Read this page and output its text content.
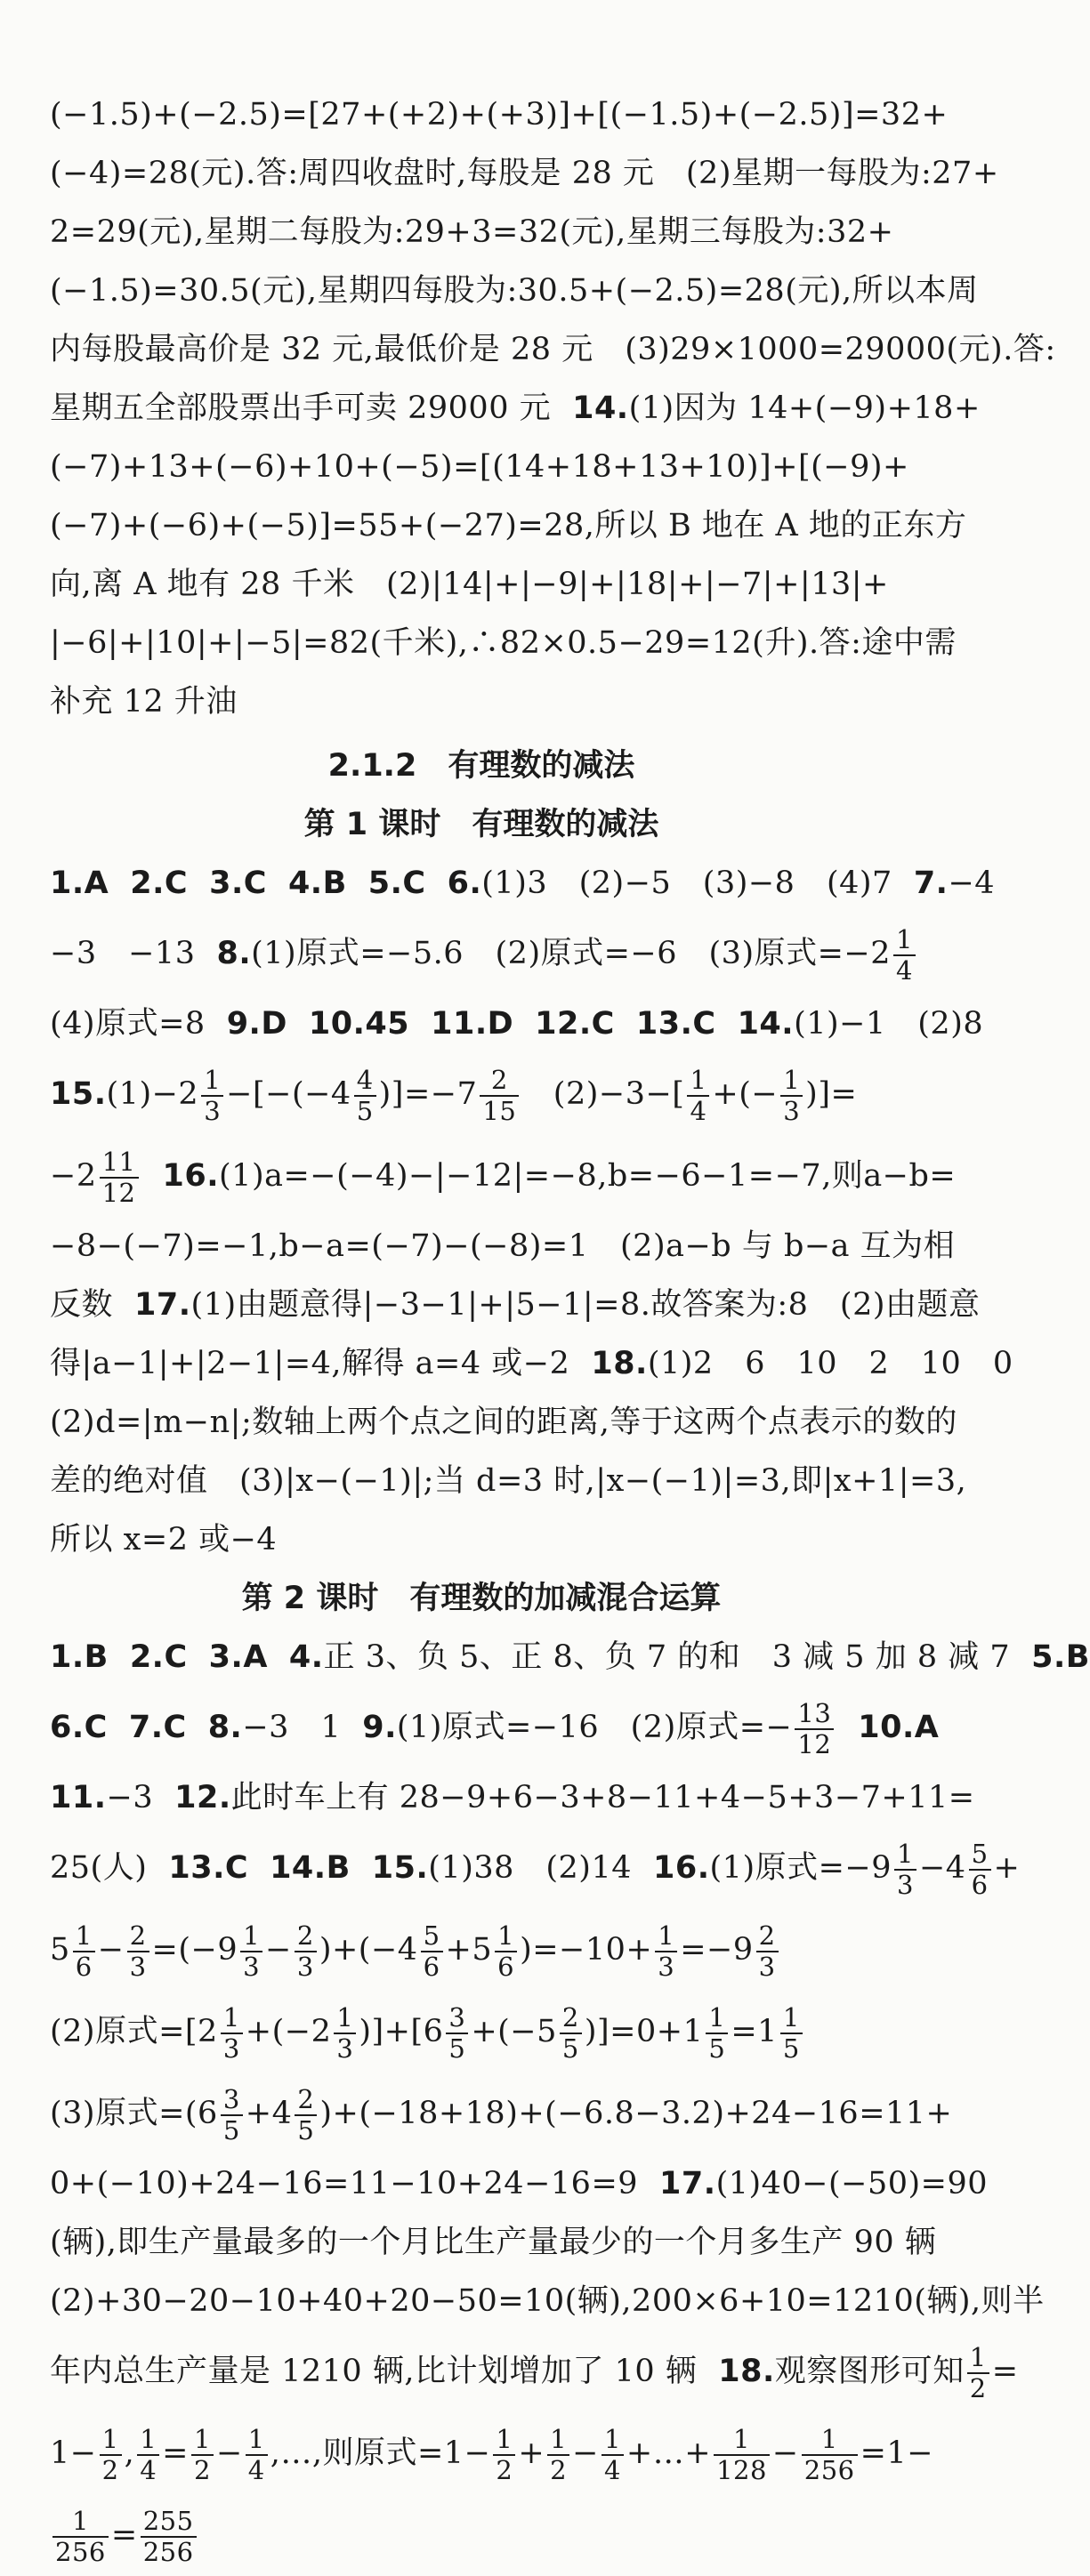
(−1.5)+(−2.5)=[27+(+2)+(+3)]+[(−1.5)+(−2.5)]=32+
(−4)=28(元).答:周四收盘时,每股是 28 元　(2)星期一每股为:27+
2=29(元),星期二每股为:29+3=32(元),星期三每股为:32+
(−1.5)=30.5(元),星期四每股为:30.5+(−2.5)=28(元),所以本周
内每股最高价是 32 元,最低价是 28 元　(3)29×1000=29000(元).答:
星期五全部股票出手可卖 29000 元 14.(1)因为 14+(−9)+18+
(−7)+13+(−6)+10+(−5)=[(14+18+13+10)]+[(−9)+
(−7)+(−6)+(−5)]=55+(−27)=28,所以 B 地在 A 地的正东方
向,离 A 地有 28 千米　(2)|14|+|−9|+|18|+|−7|+|13|+
|−6|+|10|+|−5|=82(千米),∴82×0.5−29=12(升).答:途中需
补充 12 升油
2.1.2　有理数的减法
第 1 课时　有理数的减法
1.A 2.C 3.C 4.B 5.C 6.(1)3　(2)−5　(3)−8　(4)7 7.−4
−3　−13 8.(1)原式=−5.6　(2)原式=−6　(3)原式$=-2 \frac{1}{4}$
(4)原式=8 9.D 10.45 11.D 12.C 13.C 14.(1)−1　(2)8
$15.(1)-2 \frac{1}{3} -[-(-4 \frac{4}{5} )]=-7 \frac{2}{15}$ 　$(2)-3-[ \frac{1}{4}$ +(− $\frac{1}{3}$ )]=
$-2 \frac{11}{12} 16.(1)a=-(-4)-|-12|=-8,b=-6-1=-7$,则a−b=
−8−(−7)=−1,b−a=(−7)−(−8)=1　(2)a−b 与 b−a 互为相
反数 17.(1)由题意得|−3−1|+|5−1|=8.故答案为:8　(2)由题意
得|a−1|+|2−1|=4,解得 a=4 或−2 18.(1)2　6　10　2　10　0
(2)d=|m−n|;数轴上两个点之间的距离,等于这两个点表示的数的
差的绝对值　(3)|x−(−1)|;当 d=3 时,|x−(−1)|=3,即|x+1|=3,
所以 x=2 或−4
第 2 课时　有理数的加减混合运算
1.B 2.C 3.A 4.正 3、负 5、正 8、负 7 的和　3 减 5 加 8 减 7 5.B
6.C 7.C 8.−3　1 9.(1)原式=−16　(2)原式=− $\frac{13}{12} 10.A$
11.−3 12.此时车上有 28−9+6−3+8−11+4−5+3−7+11=
25(人) 13.C 14.B 15.(1)38　(2)14 16.(1)原式$=-9 \frac{1}{3} -4 \frac{5}{6}$ +
$5 \frac{1}{6} - \frac{2}{3} =(-9 \frac{1}{3} - \frac{2}{3} )+(-4 \frac{5}{6} +5 \frac{1}{6} )=-10+ \frac{1}{3} =-9 \frac{2}{3}$
(2)原式$=[2 \frac{1}{3} +(-2 \frac{1}{3} )]+[6 \frac{3}{5} +(-5 \frac{2}{5} )]=0+1 \frac{1}{5} =1 \frac{1}{5}$
(3)原式$=(6 \frac{3}{5} +4 \frac{2}{5} )+(-18+18)+(-6.8-3.2)+24-16=11+$
0+(−10)+24−16=11−10+24−16=9 17.(1)40−(−50)=90
(辆),即生产量最多的一个月比生产量最少的一个月多生产 90 辆
(2)+30−20−10+40+20−50=10(辆),200×6+10=1210(辆),则半
年内总生产量是 1210 辆,比计划增加了 10 辆 18.观察图形可知 $\frac{1}{2}$ =
$1- \frac{1}{2}$ , $\frac{1}{4} = \frac{1}{2} - \frac{1}{4}$ ,…,则原式$=1- \frac{1}{2} + \frac{1}{2} - \frac{1}{4}$ +…+ $\frac{1}{128} - \frac{1}{256} =1-$
$\frac{1}{256} = \frac{255}{256}$
